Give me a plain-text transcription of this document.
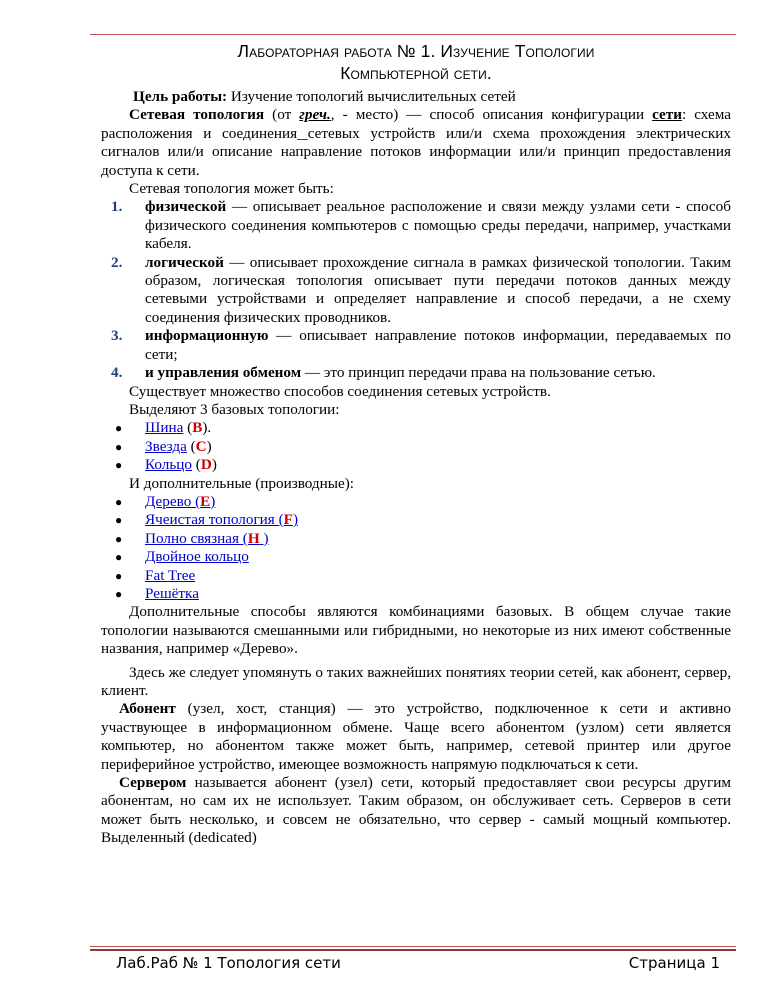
Лабораторная работа № 1. Изучение Топологии
Компьютерной сети.

Цель работы: Изучение топологий вычислительных сетей

Сетевая топология (от греч., - место) — способ описания конфигурации сети: схема расположения и соединения сетевых устройств или/и схема прохождения электрических сигналов или/и описание направление потоков информации или/и принцип предоставления доступа к сети.

Сетевая топология может быть:

1. физической — описывает реальное расположение и связи между узлами сети - способ физического соединения компьютеров с помощью среды передачи, например, участками кабеля.
2. логической — описывает прохождение сигнала в рамках физической топологии. Таким образом, логическая топология описывает пути передачи потоков данных между сетевыми устройствами и определяет направление и способ передачи, а не схему соединения физических проводников.
3. информационную — описывает направление потоков информации, передаваемых по сети;
4. и управления обменом — это принцип передачи права на пользование сетью.

Существует множество способов соединения сетевых устройств.

Выделяют 3 базовых топологии:

● Шина (B).
● Звезда (C)
● Кольцо (D)

И дополнительные (производные):

● Дерево (E)
● Ячеистая топология (F)
● Полно связная (H )
● Двойное кольцо
● Fat Tree
● Решётка

Дополнительные способы являются комбинациями базовых. В общем случае такие топологии называются смешанными или гибридными, но некоторые из них имеют собственные названия, например «Дерево».

Здесь же следует упомянуть о таких важнейших понятиях теории сетей, как абонент, сервер, клиент.

Абонент (узел, хост, станция) — это устройство, подключенное к сети и активно участвующее в информационном обмене. Чаще всего абонентом (узлом) сети является компьютер, но абонентом также может быть, например, сетевой принтер или другое периферийное устройство, имеющее возможность напрямую подключаться к сети.

Сервером называется абонент (узел) сети, который предоставляет свои ресурсы другим абонентам, но сам их не использует. Таким образом, он обслуживает сеть. Серверов в сети может быть несколько, и совсем не обязательно, что сервер - самый мощный компьютер. Выделенный (dedicated)

Лаб.Раб № 1 Топология сети	Страница 1
